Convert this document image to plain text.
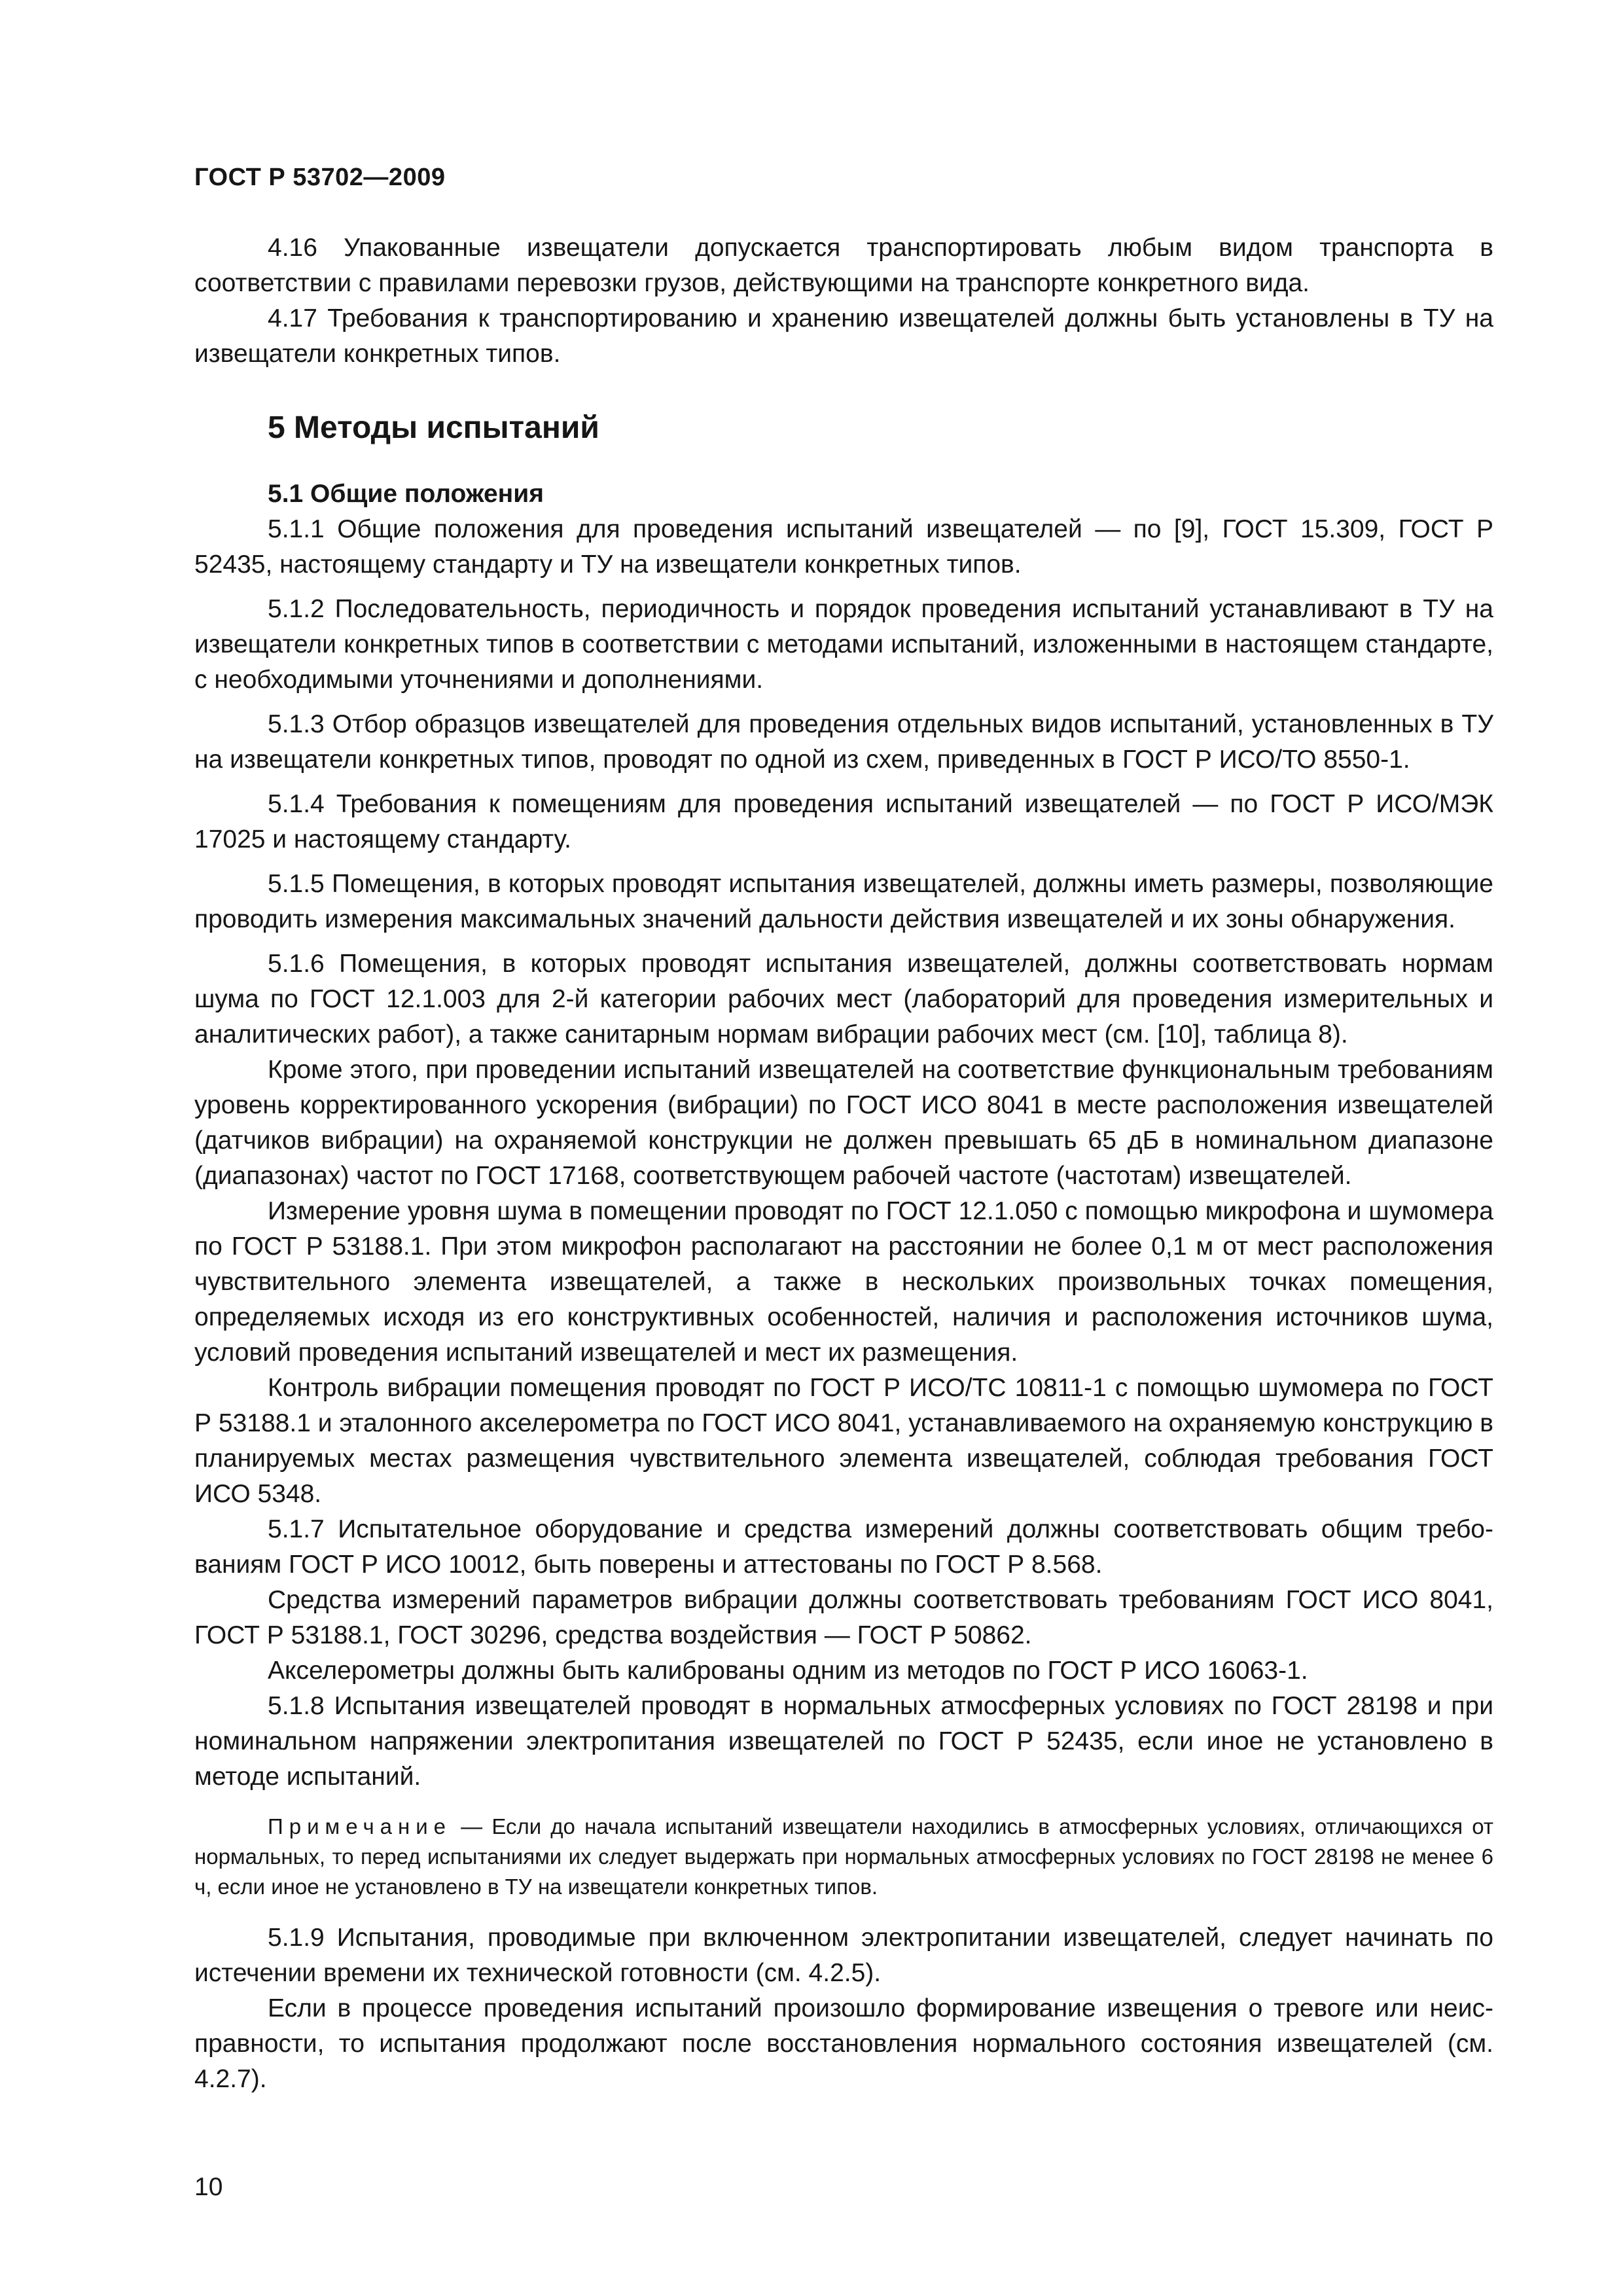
ГОСТ Р 53702—2009

4.16 Упакованные извещатели допускается транспортировать любым видом транспорта в соответствии с правилами перевозки грузов, действующими на транспорте конкретного вида.

4.17 Требования к транспортированию и хранению извещателей должны быть установлены в ТУ на извещатели конкретных типов.

5 Методы испытаний
5.1 Общие положения

5.1.1 Общие положения для проведения испытаний извещателей — по [9], ГОСТ 15.309, ГОСТ Р 52435, настоящему стандарту и ТУ на извещатели конкретных типов.

5.1.2 Последовательность, периодичность и порядок проведения испытаний устанавливают в ТУ на извещатели конкретных типов в соответствии с методами испытаний, изложенными в настоящем стандарте, с необходимыми уточнениями и дополнениями.

5.1.3 Отбор образцов извещателей для проведения отдельных видов испытаний, установленных в ТУ на извещатели конкретных типов, проводят по одной из схем, приведенных в ГОСТ Р ИСО/ТО 8550-1.

5.1.4 Требования к помещениям для проведения испытаний извещателей — по ГОСТ Р ИСО/МЭК 17025 и настоящему стандарту.

5.1.5 Помещения, в которых проводят испытания извещателей, должны иметь размеры, позволяющие проводить измерения максимальных значений дальности действия извещателей и их зоны обнаружения.

5.1.6 Помещения, в которых проводят испытания извещателей, должны соответствовать нормам шума по ГОСТ 12.1.003 для 2-й категории рабочих мест (лабораторий для проведения измерительных и аналитических работ), а также санитарным нормам вибрации рабочих мест (см. [10], таблица 8).

Кроме этого, при проведении испытаний извещателей на соответствие функциональным требованиям уровень корректированного ускорения (вибрации) по ГОСТ ИСО 8041 в месте расположения извещателей (датчиков вибрации) на охраняемой конструкции не должен превышать 65 дБ в номинальном диапазоне (диапазонах) частот по ГОСТ 17168, соответствующем рабочей частоте (частотам) извещателей.

Измерение уровня шума в помещении проводят по ГОСТ 12.1.050 с помощью микрофона и шумомера по ГОСТ Р 53188.1. При этом микрофон располагают на расстоянии не более 0,1 м от мест расположения чувствительного элемента извещателей, а также в нескольких произвольных точках помещения, определяемых исходя из его конструктивных особенностей, наличия и расположения источников шума, условий проведения испытаний извещателей и мест их размещения.

Контроль вибрации помещения проводят по ГОСТ Р ИСО/ТС 10811-1 с помощью шумомера по ГОСТ Р 53188.1 и эталонного акселерометра по ГОСТ ИСО 8041, устанавливаемого на охраняемую конструкцию в планируемых местах размещения чувствительного элемента извещателей, соблюдая требования ГОСТ ИСО 5348.

5.1.7 Испытательное оборудование и средства измерений должны соответствовать общим требованиям ГОСТ Р ИСО 10012, быть поверены и аттестованы по ГОСТ Р 8.568.

Средства измерений параметров вибрации должны соответствовать требованиям ГОСТ ИСО 8041, ГОСТ Р 53188.1, ГОСТ 30296, средства воздействия — ГОСТ Р 50862.

Акселерометры должны быть калиброваны одним из методов по ГОСТ Р ИСО 16063-1.

5.1.8 Испытания извещателей проводят в нормальных атмосферных условиях по ГОСТ 28198 и при номинальном напряжении электропитания извещателей по ГОСТ Р 52435, если иное не установлено в методе испытаний.

Примечание — Если до начала испытаний извещатели находились в атмосферных условиях, отличающихся от нормальных, то перед испытаниями их следует выдержать при нормальных атмосферных условиях по ГОСТ 28198 не менее 6 ч, если иное не установлено в ТУ на извещатели конкретных типов.

5.1.9 Испытания, проводимые при включенном электропитании извещателей, следует начинать по истечении времени их технической готовности (см. 4.2.5).

Если в процессе проведения испытаний произошло формирование извещения о тревоге или неисправности, то испытания продолжают после восстановления нормального состояния извещателей (см. 4.2.7).

10
